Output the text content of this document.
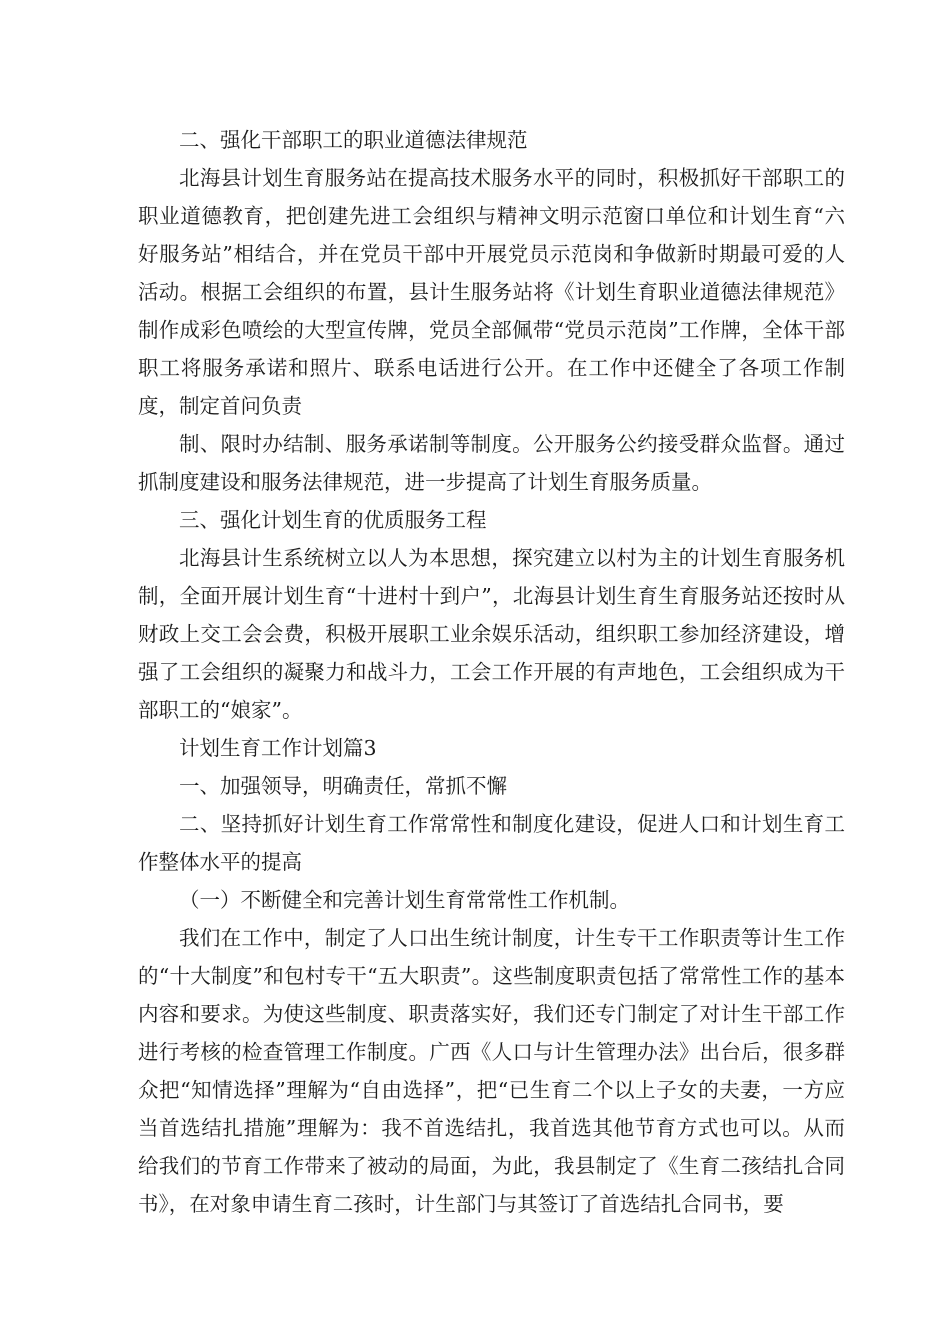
二、强化干部职工的职业道德法律规范

北海县计划生育服务站在提高技术服务水平的同时，积极抓好干部职工的职业道德教育，把创建先进工会组织与精神文明示范窗口单位和计划生育“六好服务站”相结合，并在党员干部中开展党员示范岗和争做新时期最可爱的人活动。根据工会组织的布置，县计生服务站将《计划生育职业道德法律规范》制作成彩色喷绘的大型宣传牌，党员全部佩带“党员示范岗”工作牌，全体干部职工将服务承诺和照片、联系电话进行公开。在工作中还健全了各项工作制度，制定首问负责

制、限时办结制、服务承诺制等制度。公开服务公约接受群众监督。通过抓制度建设和服务法律规范，进一步提高了计划生育服务质量。

三、强化计划生育的优质服务工程

北海县计生系统树立以人为本思想，探究建立以村为主的计划生育服务机制，全面开展计划生育“十进村十到户”，北海县计划生育生育服务站还按时从财政上交工会会费，积极开展职工业余娱乐活动，组织职工参加经济建设，增强了工会组织的凝聚力和战斗力，工会工作开展的有声地色，工会组织成为干部职工的“娘家”。

计划生育工作计划篇3

一、加强领导，明确责任，常抓不懈

二、坚持抓好计划生育工作常常性和制度化建设，促进人口和计划生育工作整体水平的提高

（一）不断健全和完善计划生育常常性工作机制。

我们在工作中，制定了人口出生统计制度，计生专干工作职责等计生工作的“十大制度”和包村专干“五大职责”。这些制度职责包括了常常性工作的基本内容和要求。为使这些制度、职责落实好，我们还专门制定了对计生干部工作进行考核的检查管理工作制度。广西《人口与计生管理办法》出台后，很多群众把“知情选择”理解为“自由选择”，把“已生育二个以上子女的夫妻，一方应当首选结扎措施”理解为：我不首选结扎，我首选其他节育方式也可以。从而给我们的节育工作带来了被动的局面，为此，我县制定了《生育二孩结扎合同书》，在对象申请生育二孩时，计生部门与其签订了首选结扎合同书，要
